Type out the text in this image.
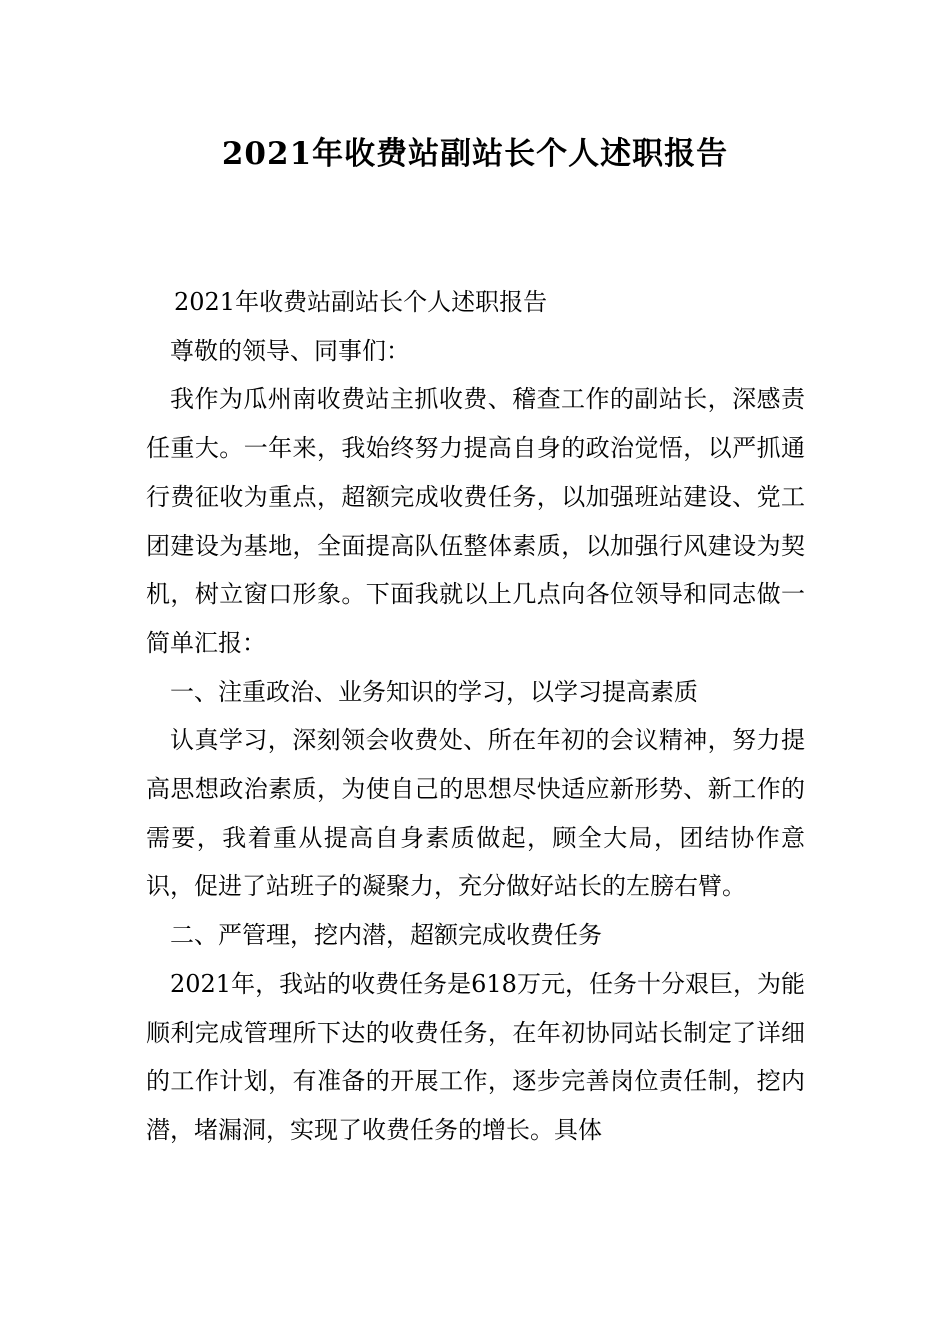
2021年收费站副站长个人述职报告

2021年收费站副站长个人述职报告

尊敬的领导、同事们：

我作为瓜州南收费站主抓收费、稽查工作的副站长，深感责任重大。一年来，我始终努力提高自身的政治觉悟，以严抓通行费征收为重点，超额完成收费任务，以加强班站建设、党工团建设为基地，全面提高队伍整体素质，以加强行风建设为契机，树立窗口形象。下面我就以上几点向各位领导和同志做一简单汇报：

一、注重政治、业务知识的学习，以学习提高素质

认真学习，深刻领会收费处、所在年初的会议精神，努力提高思想政治素质，为使自己的思想尽快适应新形势、新工作的需要，我着重从提高自身素质做起，顾全大局，团结协作意识，促进了站班子的凝聚力，充分做好站长的左膀右臂。

二、严管理，挖内潜，超额完成收费任务

2021年，我站的收费任务是618万元，任务十分艰巨，为能顺利完成管理所下达的收费任务，在年初协同站长制定了详细的工作计划，有准备的开展工作，逐步完善岗位责任制，挖内潜，堵漏洞，实现了收费任务的增长。具体
